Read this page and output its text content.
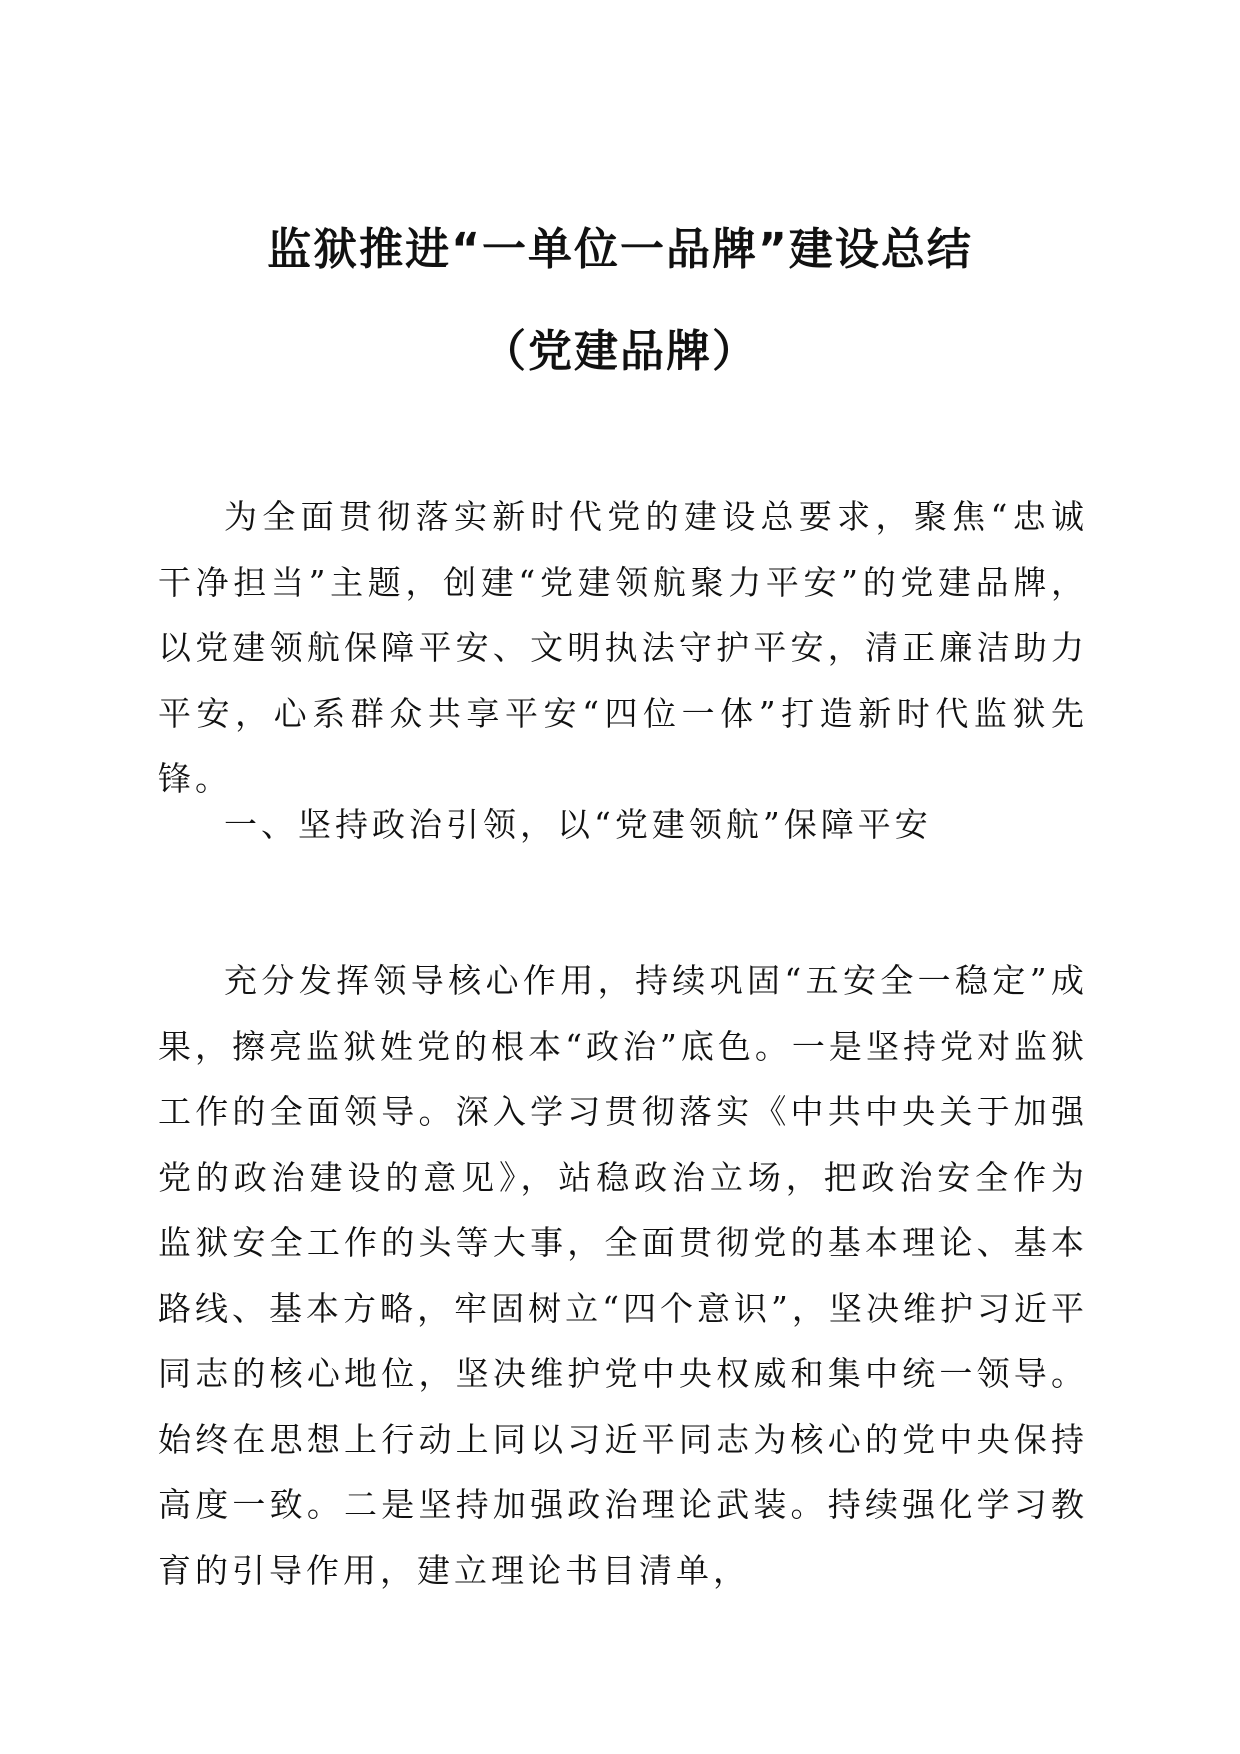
监狱推进“一单位一品牌”建设总结
（党建品牌）

为全面贯彻落实新时代党的建设总要求，聚焦“忠诚干净担当”主题，创建“党建领航聚力平安”的党建品牌，以党建领航保障平安、文明执法守护平安，清正廉洁助力平安，心系群众共享平安“四位一体”打造新时代监狱先锋。

一、坚持政治引领，以“党建领航”保障平安

充分发挥领导核心作用，持续巩固“五安全一稳定”成果，擦亮监狱姓党的根本“政治”底色。一是坚持党对监狱工作的全面领导。深入学习贯彻落实《中共中央关于加强党的政治建设的意见》，站稳政治立场，把政治安全作为监狱安全工作的头等大事，全面贯彻党的基本理论、基本路线、基本方略，牢固树立“四个意识”，坚决维护习近平同志的核心地位，坚决维护党中央权威和集中统一领导。始终在思想上行动上同以习近平同志为核心的党中央保持高度一致。二是坚持加强政治理论武装。持续强化学习教育的引导作用，建立理论书目清单，
